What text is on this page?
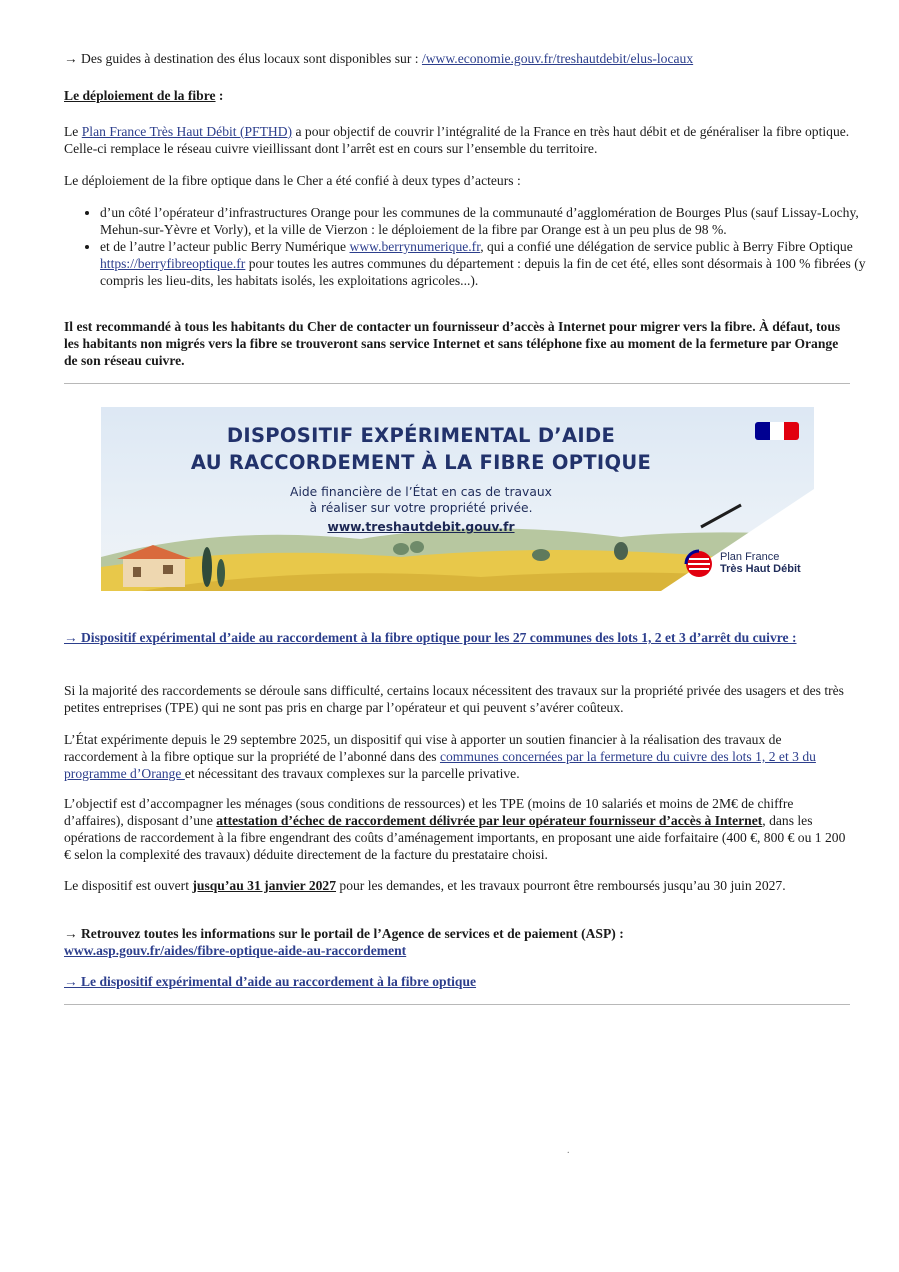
→ Des guides à destination des élus locaux sont disponibles sur : /www.economie.gouv.fr/treshautdebit/elus-locaux

Le déploiement de la fibre :

Le Plan France Très Haut Débit (PFTHD) a pour objectif de couvrir l’intégralité de la France en très haut débit et de généraliser la fibre optique. Celle-ci remplace le réseau cuivre vieillissant dont l’arrêt est en cours sur l’ensemble du territoire.

Le déploiement de la fibre optique dans le Cher a été confié à deux types d’acteurs :

• d’un côté l’opérateur d’infrastructures Orange pour les communes de la communauté d’agglomération de Bourges Plus (sauf Lissay-Lochy, Mehun-sur-Yèvre et Vorly), et la ville de Vierzon : le déploiement de la fibre par Orange est à un peu plus de 98 %.
• et de l’autre l’acteur public Berry Numérique www.berrynumerique.fr, qui a confié une délégation de service public à Berry Fibre Optique https://berryfibreoptique.fr pour toutes les autres communes du département : depuis la fin de cet été, elles sont désormais à 100 % fibrées (y compris les lieu-dits, les habitats isolés, les exploitations agricoles...).

Il est recommandé à tous les habitants du Cher de contacter un fournisseur d’accès à Internet pour migrer vers la fibre. À défaut, tous les habitants non migrés vers la fibre se trouveront sans service Internet et sans téléphone fixe au moment de la fermeture par Orange de son réseau cuivre.

DISPOSITIF EXPÉRIMENTAL D’AIDE
AU RACCORDEMENT À LA FIBRE OPTIQUE
Aide financière de l’État en cas de travaux
à réaliser sur votre propriété privée.
www.treshautdebit.gouv.fr
Plan France
Très Haut Débit

→ Dispositif expérimental d’aide au raccordement à la fibre optique pour les 27 communes des lots 1, 2 et 3 d’arrêt du cuivre :

Si la majorité des raccordements se déroule sans difficulté, certains locaux nécessitent des travaux sur la propriété privée des usagers et des très petites entreprises (TPE) qui ne sont pas pris en charge par l’opérateur et qui peuvent s’avérer coûteux.

L’État expérimente depuis le 29 septembre 2025, un dispositif qui vise à apporter un soutien financier à la réalisation des travaux de raccordement à la fibre optique sur la propriété de l’abonné dans des communes concernées par la fermeture du cuivre des lots 1, 2 et 3 du programme d’Orange et nécessitant des travaux complexes sur la parcelle privative.

L’objectif est d’accompagner les ménages (sous conditions de ressources) et les TPE (moins de 10 salariés et moins de 2M€ de chiffre d’affaires), disposant d’une attestation d’échec de raccordement délivrée par leur opérateur fournisseur d’accès à Internet, dans les opérations de raccordement à la fibre engendrant des coûts d’aménagement importants, en proposant une aide forfaitaire (400 €, 800 € ou 1 200 € selon la complexité des travaux) déduite directement de la facture du prestataire choisi.

Le dispositif est ouvert jusqu’au 31 janvier 2027 pour les demandes, et les travaux pourront être remboursés jusqu’au 30 juin 2027.

→ Retrouvez toutes les informations sur le portail de l’Agence de services et de paiement (ASP) :
www.asp.gouv.fr/aides/fibre-optique-aide-au-raccordement

→ Le dispositif expérimental d’aide au raccordement à la fibre optique

.
